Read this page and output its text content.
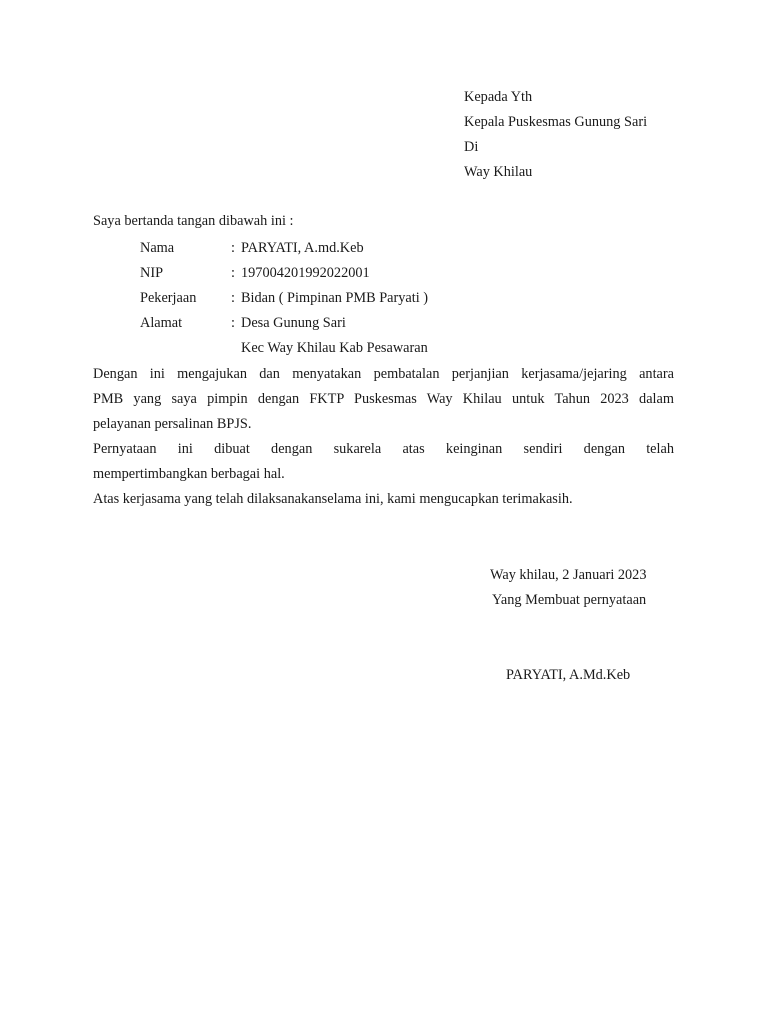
Kepada Yth
Kepala Puskesmas Gunung Sari
Di
Way Khilau
Saya bertanda tangan dibawah ini :
Nama	: PARYATI, A.md.Keb
NIP	: 197004201992022001
Pekerjaan : Bidan ( Pimpinan PMB Paryati )
Alamat	: Desa Gunung Sari
Kec Way Khilau Kab Pesawaran
Dengan ini mengajukan dan menyatakan pembatalan perjanjian kerjasama/jejaring antara
PMB yang saya pimpin dengan FKTP Puskesmas Way Khilau untuk Tahun 2023 dalam
pelayanan persalinan BPJS.
Pernyataan ini dibuat dengan sukarela atas keinginan sendiri dengan telah
mempertimbangkan berbagai hal.
Atas kerjasama yang telah dilaksanakanselama ini, kami mengucapkan terimakasih.
Way khilau, 2 Januari 2023
Yang Membuat pernyataan
PARYATI, A.Md.Keb
